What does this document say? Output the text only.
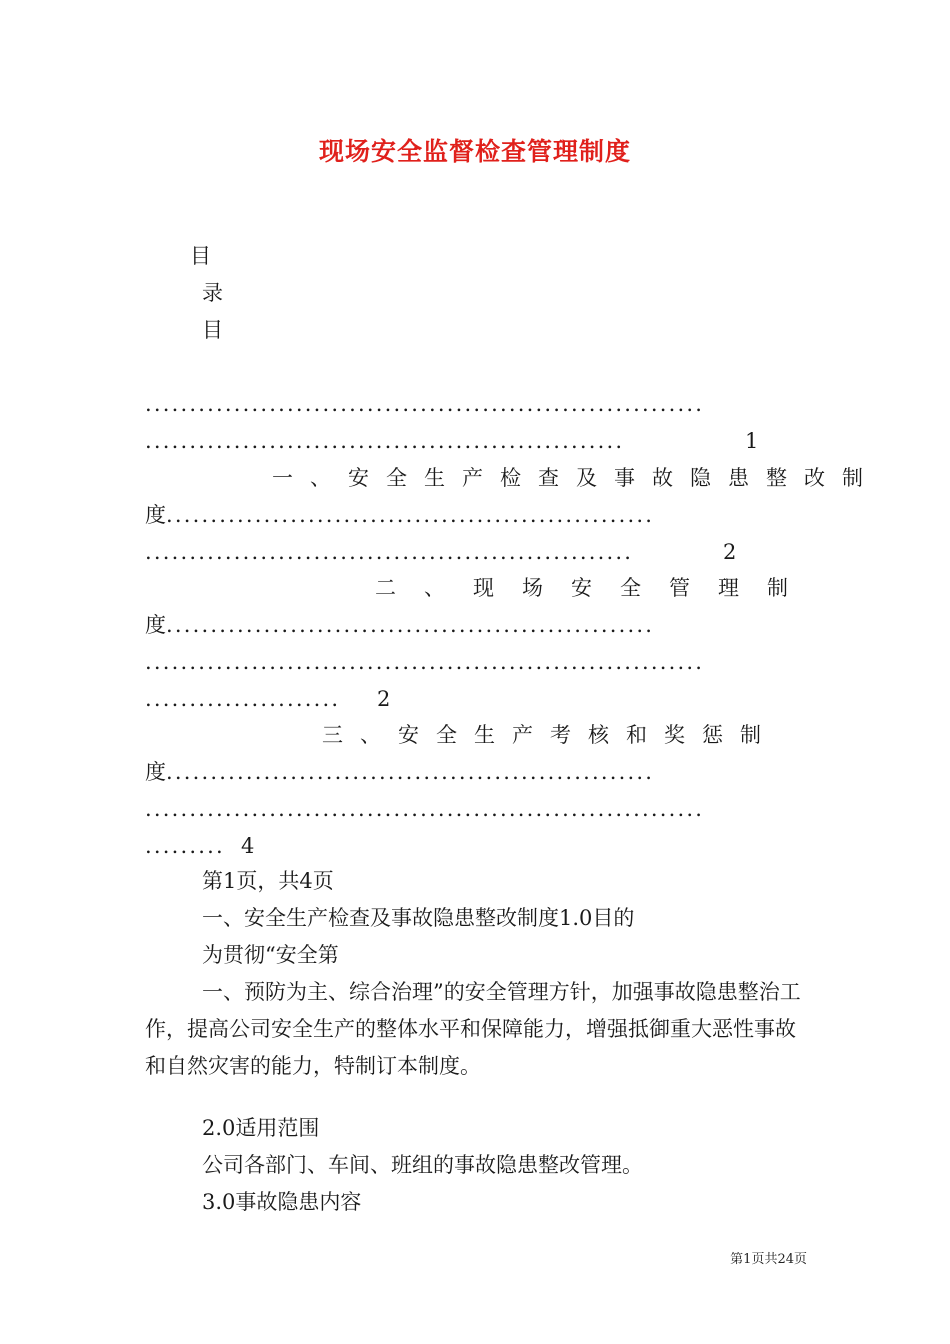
现场安全监督检查管理制度
目
录
目
...............................................................
......................................................	1
一、安全生产检查及事故隐患整改制
度.......................................................
.......................................................	2
二、现场安全管理制
度.......................................................
...............................................................
...................... 2
三、安全生产考核和奖惩制
度.......................................................
...............................................................
......... 4
第1页，共4页
一、安全生产检查及事故隐患整改制度1.0目的
为贯彻“安全第
一、预防为主、综合治理”的安全管理方针，加强事故隐患整治工作，提高公司安全生产的整体水平和保障能力，增强抵御重大恶性事故和自然灾害的能力，特制订本制度。
2.0适用范围
公司各部门、车间、班组的事故隐患整改管理。
3.0事故隐患内容
第1页共24页
